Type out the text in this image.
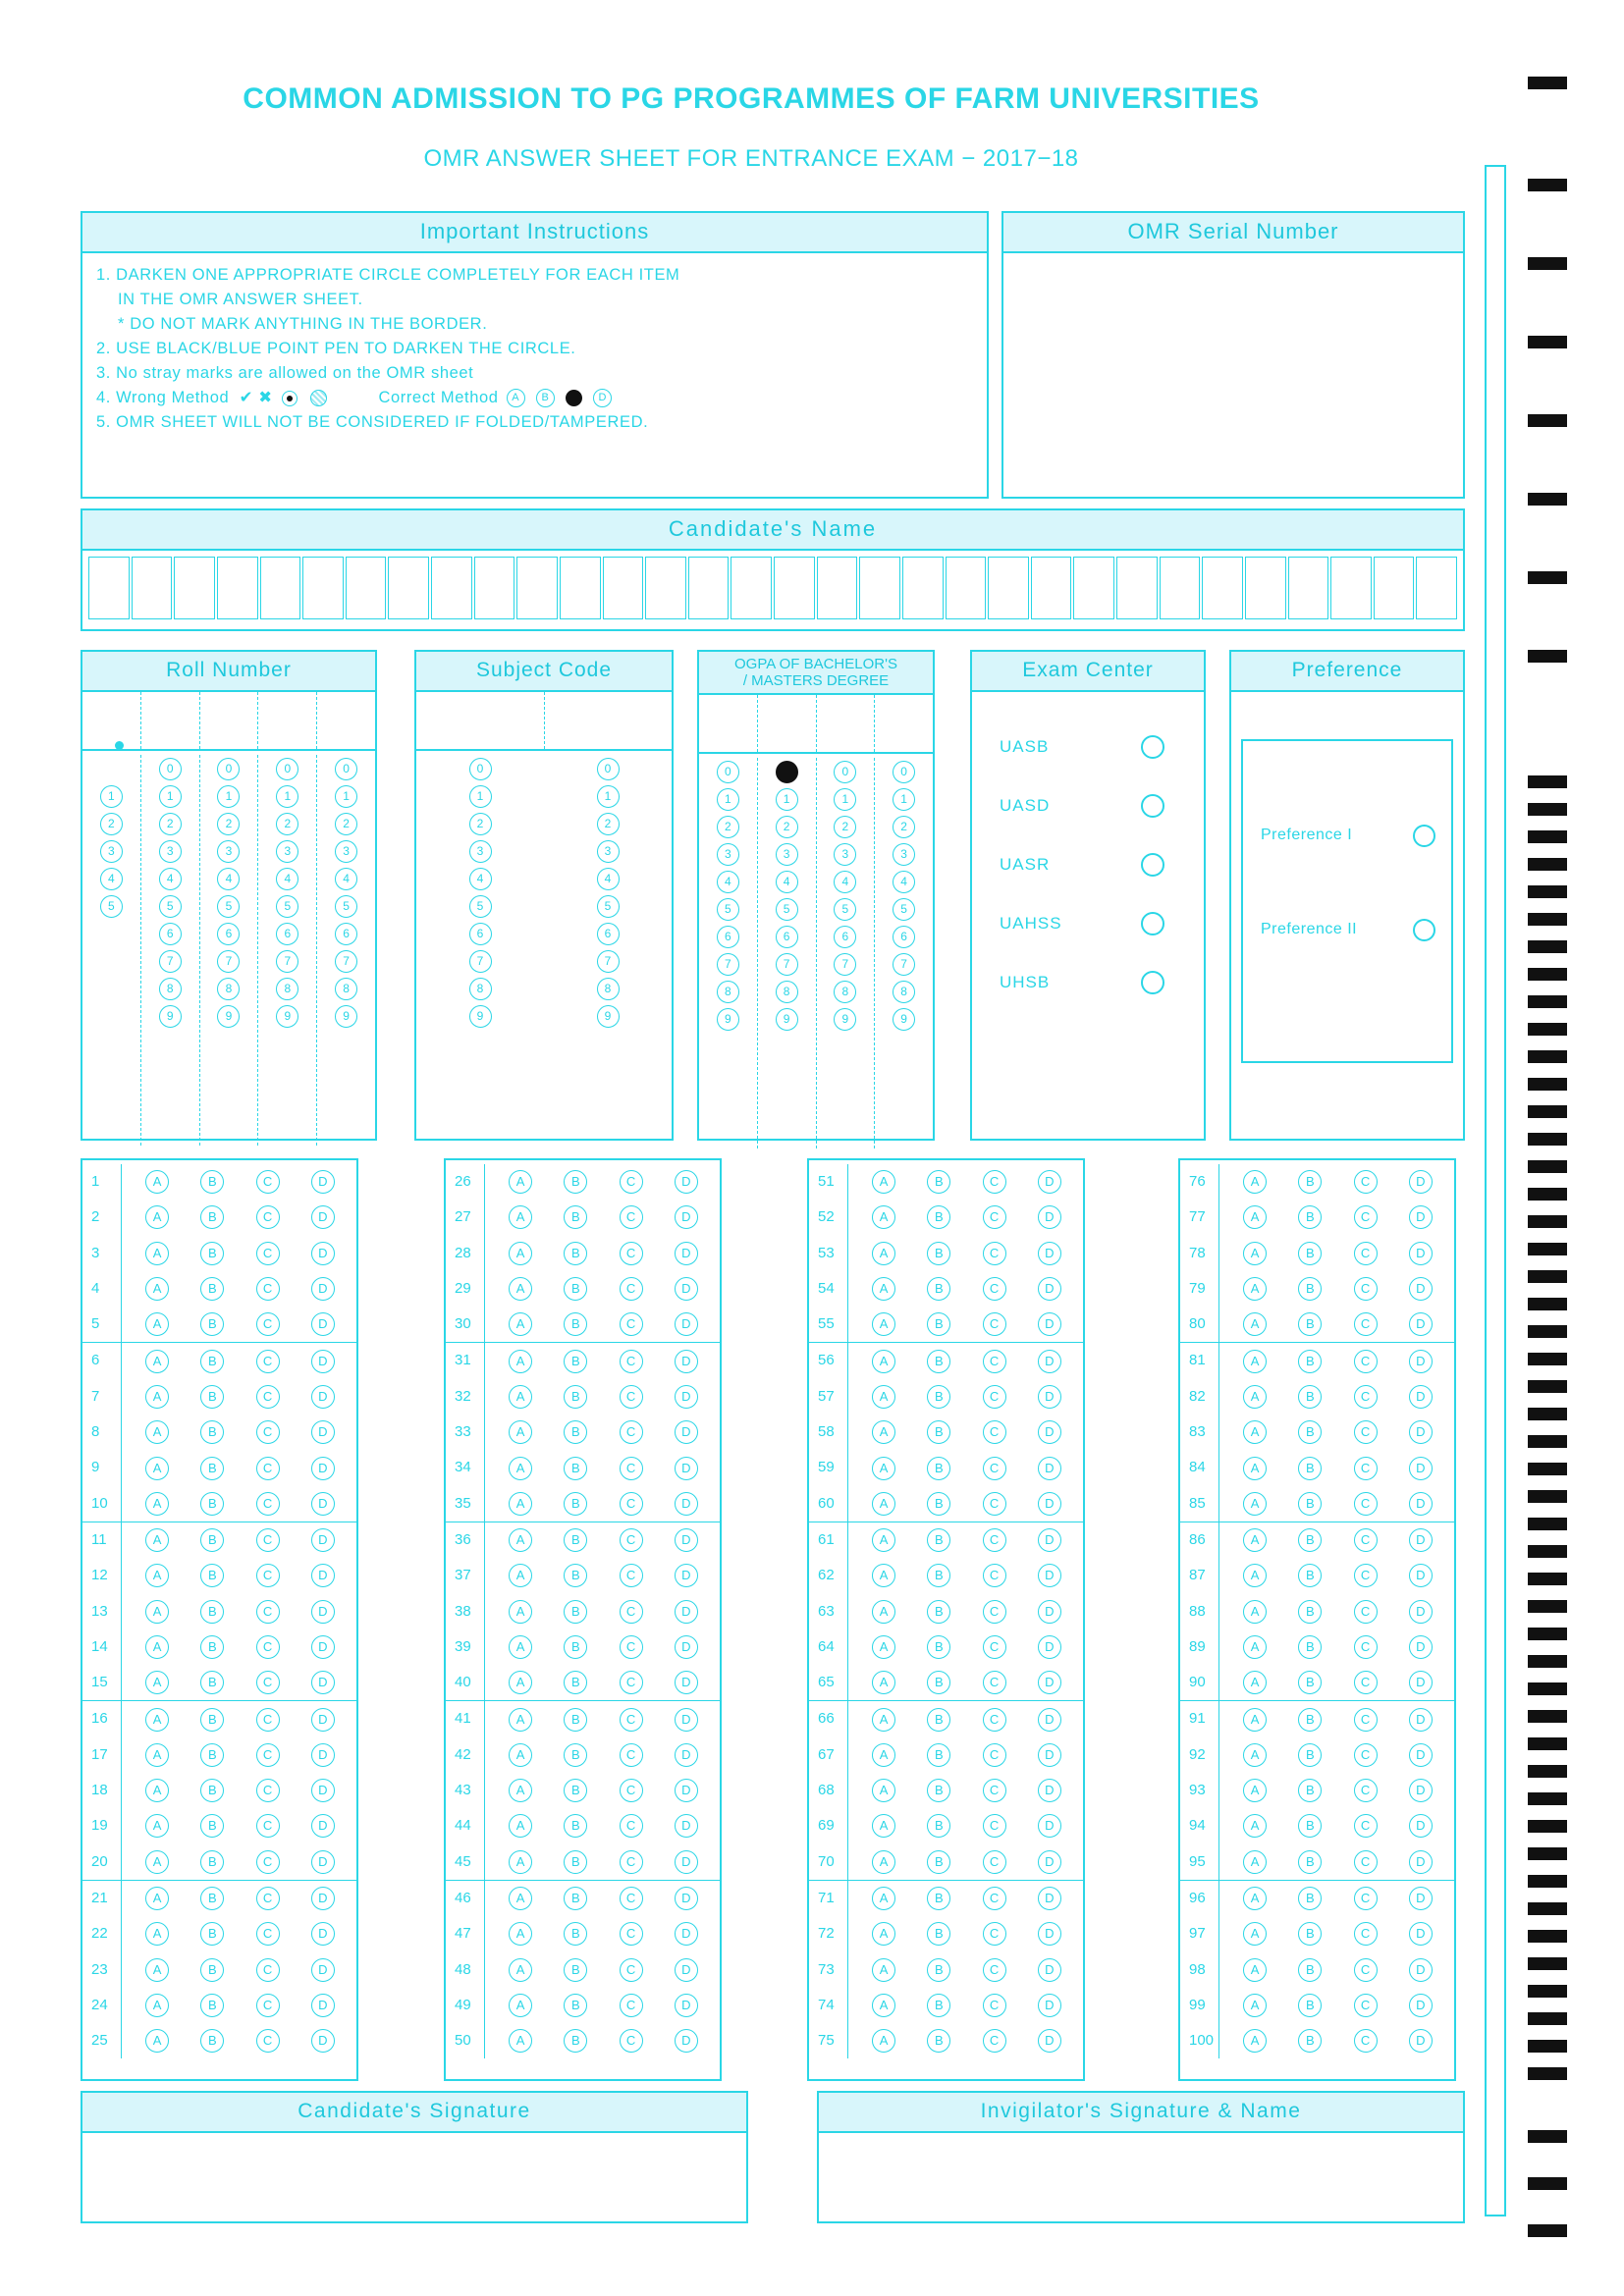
COMMON ADMISSION TO PG PROGRAMMES OF FARM UNIVERSITIES
OMR ANSWER SHEET FOR ENTRANCE EXAM − 2017−18
Important Instructions
1. DARKEN ONE APPROPRIATE CIRCLE COMPLETELY FOR EACH ITEM
IN THE OMR ANSWER SHEET.
* DO NOT MARK ANYTHING IN THE BORDER.
2. USE BLACK/BLUE POINT PEN TO DARKEN THE CIRCLE.
3. No stray marks are allowed on the OMR sheet
4. Wrong Method  ✔ ✖	Correct Method A B	D
5. OMR SHEET WILL NOT BE CONSIDERED IF FOLDED/TAMPERED.
OMR Serial Number
Candidate's Name
Roll Number
1
2
3
4
5
0
1
2
3
4
5
6
7
8
9
0
1
2
3
4
5
6
7
8
9
0
1
2
3
4
5
6
7
8
9
0
1
2
3
4
5
6
7
8
9
Subject Code
0
1
2
3
4
5
6
7
8
9
0
1
2
3
4
5
6
7
8
9
OGPA OF BACHELOR'S
/ MASTERS DEGREE
0
1
2
3
4
5
6
7
8
9
1
2
3
4
5
6
7
8
9
0
1
2
3
4
5
6
7
8
9
0
1
2
3
4
5
6
7
8
9
Exam Center
UASB
UASD
UASR
UAHSS
UHSB
Preference
Preference I
Preference II
1	A	B	C	D
2	A	B	C	D
3	A	B	C	D
4	A	B	C	D
5	A	B	C	D
6	A	B	C	D
7	A	B	C	D
8	A	B	C	D
9	A	B	C	D
10	A	B	C	D
11	A	B	C	D
12	A	B	C	D
13	A	B	C	D
14	A	B	C	D
15	A	B	C	D
16	A	B	C	D
17	A	B	C	D
18	A	B	C	D
19	A	B	C	D
20	A	B	C	D
21	A	B	C	D
22	A	B	C	D
23	A	B	C	D
24	A	B	C	D
25	A	B	C	D
26	A	B	C	D
27	A	B	C	D
28	A	B	C	D
29	A	B	C	D
30	A	B	C	D
31	A	B	C	D
32	A	B	C	D
33	A	B	C	D
34	A	B	C	D
35	A	B	C	D
36	A	B	C	D
37	A	B	C	D
38	A	B	C	D
39	A	B	C	D
40	A	B	C	D
41	A	B	C	D
42	A	B	C	D
43	A	B	C	D
44	A	B	C	D
45	A	B	C	D
46	A	B	C	D
47	A	B	C	D
48	A	B	C	D
49	A	B	C	D
50	A	B	C	D
51	A	B	C	D
52	A	B	C	D
53	A	B	C	D
54	A	B	C	D
55	A	B	C	D
56	A	B	C	D
57	A	B	C	D
58	A	B	C	D
59	A	B	C	D
60	A	B	C	D
61	A	B	C	D
62	A	B	C	D
63	A	B	C	D
64	A	B	C	D
65	A	B	C	D
66	A	B	C	D
67	A	B	C	D
68	A	B	C	D
69	A	B	C	D
70	A	B	C	D
71	A	B	C	D
72	A	B	C	D
73	A	B	C	D
74	A	B	C	D
75	A	B	C	D
76	A	B	C	D
77	A	B	C	D
78	A	B	C	D
79	A	B	C	D
80	A	B	C	D
81	A	B	C	D
82	A	B	C	D
83	A	B	C	D
84	A	B	C	D
85	A	B	C	D
86	A	B	C	D
87	A	B	C	D
88	A	B	C	D
89	A	B	C	D
90	A	B	C	D
91	A	B	C	D
92	A	B	C	D
93	A	B	C	D
94	A	B	C	D
95	A	B	C	D
96	A	B	C	D
97	A	B	C	D
98	A	B	C	D
99	A	B	C	D
100	A	B	C	D
Candidate's Signature	Invigilator's Signature & Name
